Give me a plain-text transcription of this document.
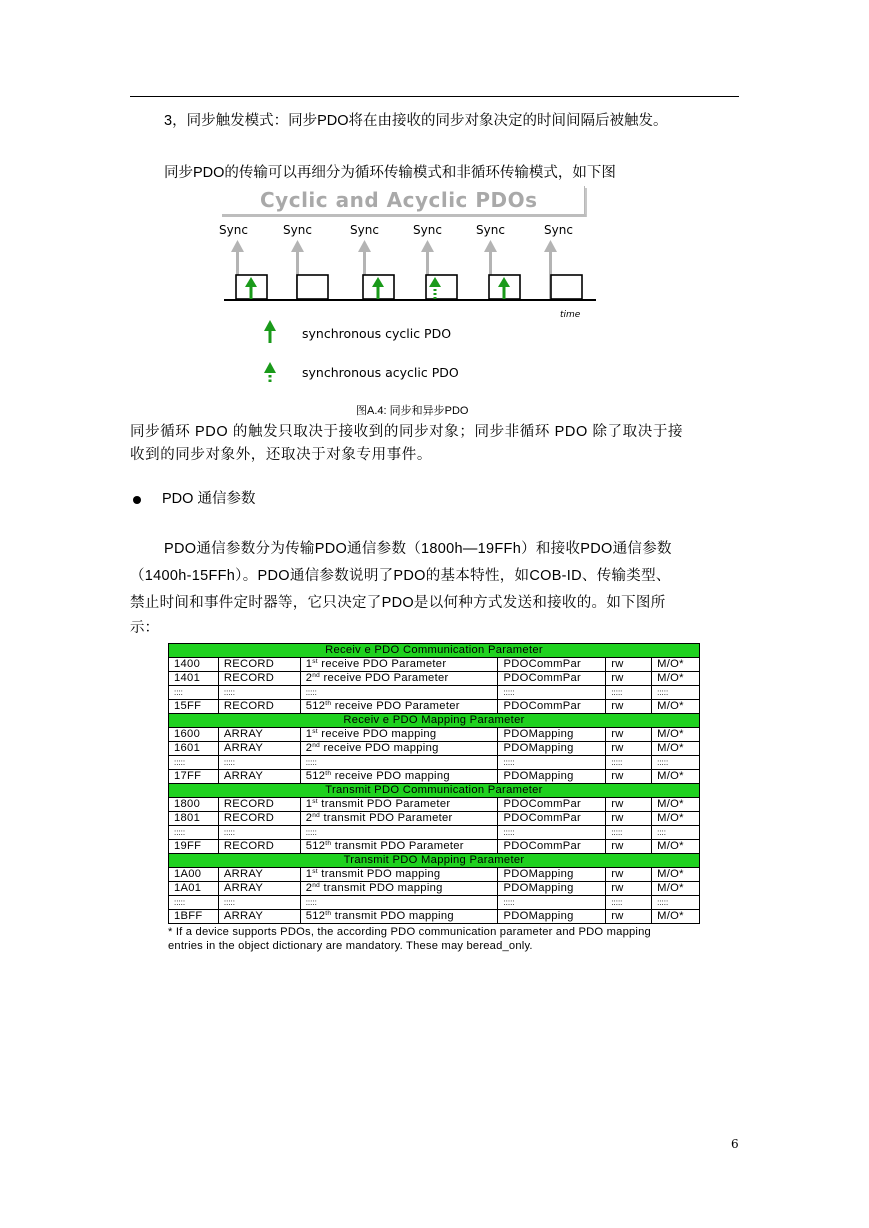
3，同步触发模式：同步PDO将在由接收的同步对象决定的时间间隔后被触发。
同步PDO的传输可以再细分为循环传输模式和非循环传输模式，如下图
Cyclic and Acyclic PDOs
Sync	Sync	Sync	Sync	Sync	Sync
time
synchronous cyclic PDO
synchronous acyclic PDO
图A.4: 同步和异步PDO
同步循环 PDO 的触发只取决于接收到的同步对象；同步非循环 PDO 除了取决于接
收到的同步对象外，还取决于对象专用事件。
PDO 通信参数
PDO通信参数分为传输PDO通信参数（1800h—19FFh）和接收PDO通信参数
（1400h-15FFh）。PDO通信参数说明了PDO的基本特性，如COB-ID、传输类型、
禁止时间和事件定时器等，它只决定了PDO是以何种方式发送和接收的。如下图所
示：
Receiv e PDO Communication Parameter					
1400	RECORD	1st receive PDO Parameter	PDOCommPar	rw	M/O*
1401	RECORD	2nd receive PDO Parameter	PDOCommPar	rw	M/O*
::::	:::::	:::::	:::::	:::::	:::::
15FF	RECORD	512th receive PDO Parameter	PDOCommPar	rw	M/O*
Receiv e PDO Mapping Parameter					
1600	ARRAY	1st receive PDO mapping	PDOMapping	rw	M/O*
1601	ARRAY	2nd receive PDO mapping	PDOMapping	rw	M/O*
:::::	:::::	:::::	:::::	:::::	:::::
17FF	ARRAY	512th receive PDO mapping	PDOMapping	rw	M/O*
Transmit PDO Communication Parameter					
1800	RECORD	1st transmit PDO Parameter	PDOCommPar	rw	M/O*
1801	RECORD	2nd transmit PDO Parameter	PDOCommPar	rw	M/O*
:::::	:::::	:::::	:::::	:::::	::::
19FF	RECORD	512th transmit PDO Parameter	PDOCommPar	rw	M/O*
Transmit PDO Mapping Parameter					
1A00	ARRAY	1st transmit PDO mapping	PDOMapping	rw	M/O*
1A01	ARRAY	2nd transmit PDO mapping	PDOMapping	rw	M/O*
:::::	:::::	:::::	:::::	:::::	:::::
1BFF	ARRAY	512th transmit PDO mapping	PDOMapping	rw	M/O*
* If a device supports PDOs, the according PDO communication parameter and PDO mapping
entries in the object dictionary are mandatory. These may beread_only.
6
